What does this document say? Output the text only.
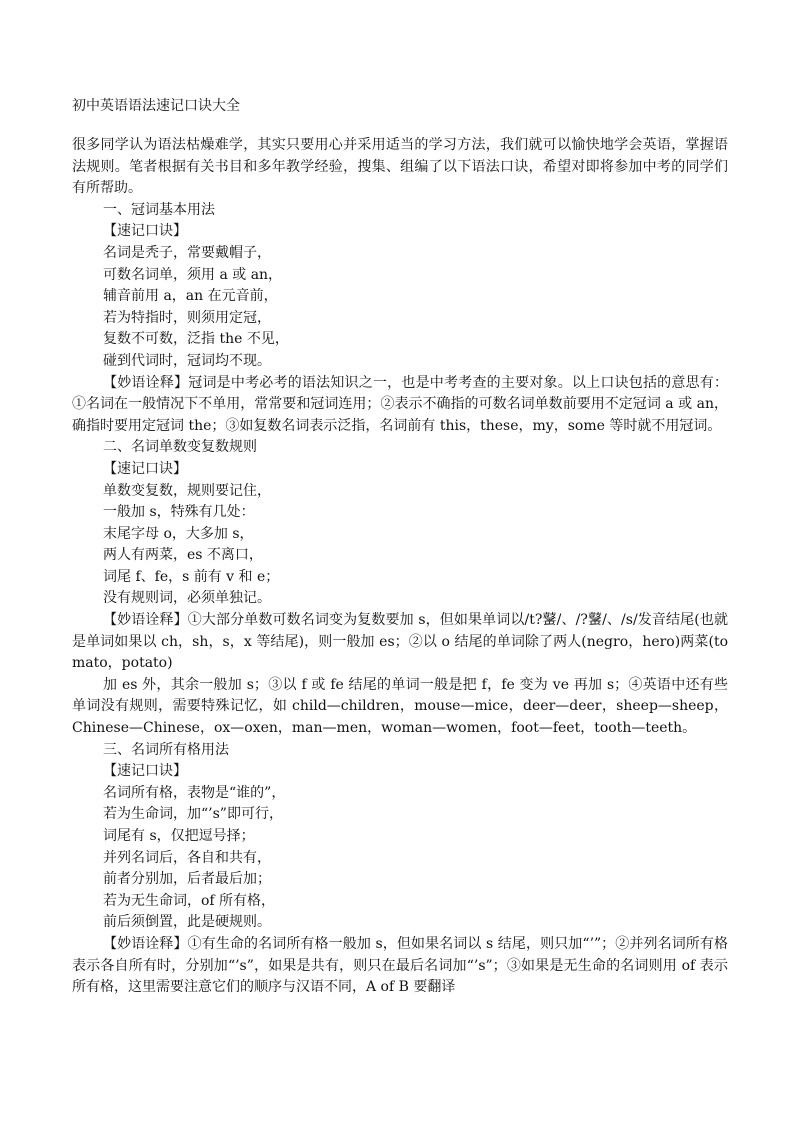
初中英语语法速记口诀大全

很多同学认为语法枯燥难学，其实只要用心并采用适当的学习方法，我们就可以愉快地学会英语，掌握语法规则。笔者根据有关书目和多年教学经验，搜集、组编了以下语法口诀，希望对即将参加中考的同学们有所帮助。

一、冠词基本用法

【速记口诀】

名词是秃子，常要戴帽子，

可数名词单，须用 a 或 an，

辅音前用 a，an 在元音前，

若为特指时，则须用定冠，

复数不可数，泛指 the 不见，

碰到代词时，冠词均不现。

【妙语诠释】冠词是中考必考的语法知识之一，也是中考考查的主要对象。以上口诀包括的意思有：①名词在一般情况下不单用，常常要和冠词连用；②表示不确指的可数名词单数前要用不定冠词 a 或 an，确指时要用定冠词 the；③如复数名词表示泛指，名词前有 this，these，my，some 等时就不用冠词。

二、名词单数变复数规则

【速记口诀】

单数变复数，规则要记住，

一般加 s，特殊有几处：

末尾字母 o，大多加 s，

两人有两菜，es 不离口，

词尾 f、fe，s 前有 v 和 e；

没有规则词，必须单独记。

【妙语诠释】①大部分单数可数名词变为复数要加 s，但如果单词以/t?鼜/、/?鼜/、/s/发音结尾(也就是单词如果以 ch，sh，s，x 等结尾)，则一般加 es；②以 o 结尾的单词除了两人(negro，hero)两菜(tomato，potato)

加 es 外，其余一般加 s；③以 f 或 fe 结尾的单词一般是把 f，fe 变为 ve 再加 s；④英语中还有些单词没有规则，需要特殊记忆，如 child—children，mouse—mice，deer—deer，sheep—sheep，Chinese—Chinese，ox—oxen，man—men，woman—women，foot—feet，tooth—teeth。

三、名词所有格用法

【速记口诀】

名词所有格，表物是“谁的”，

若为生命词，加“’s”即可行，

词尾有 s，仅把逗号择；

并列名词后，各自和共有，

前者分别加，后者最后加；

若为无生命词，of 所有格，

前后须倒置，此是硬规则。

【妙语诠释】①有生命的名词所有格一般加 s，但如果名词以 s 结尾，则只加“’”；②并列名词所有格表示各自所有时，分别加“’s”，如果是共有，则只在最后名词加“’s”；③如果是无生命的名词则用 of 表示所有格，这里需要注意它们的顺序与汉语不同，A of B 要翻译
